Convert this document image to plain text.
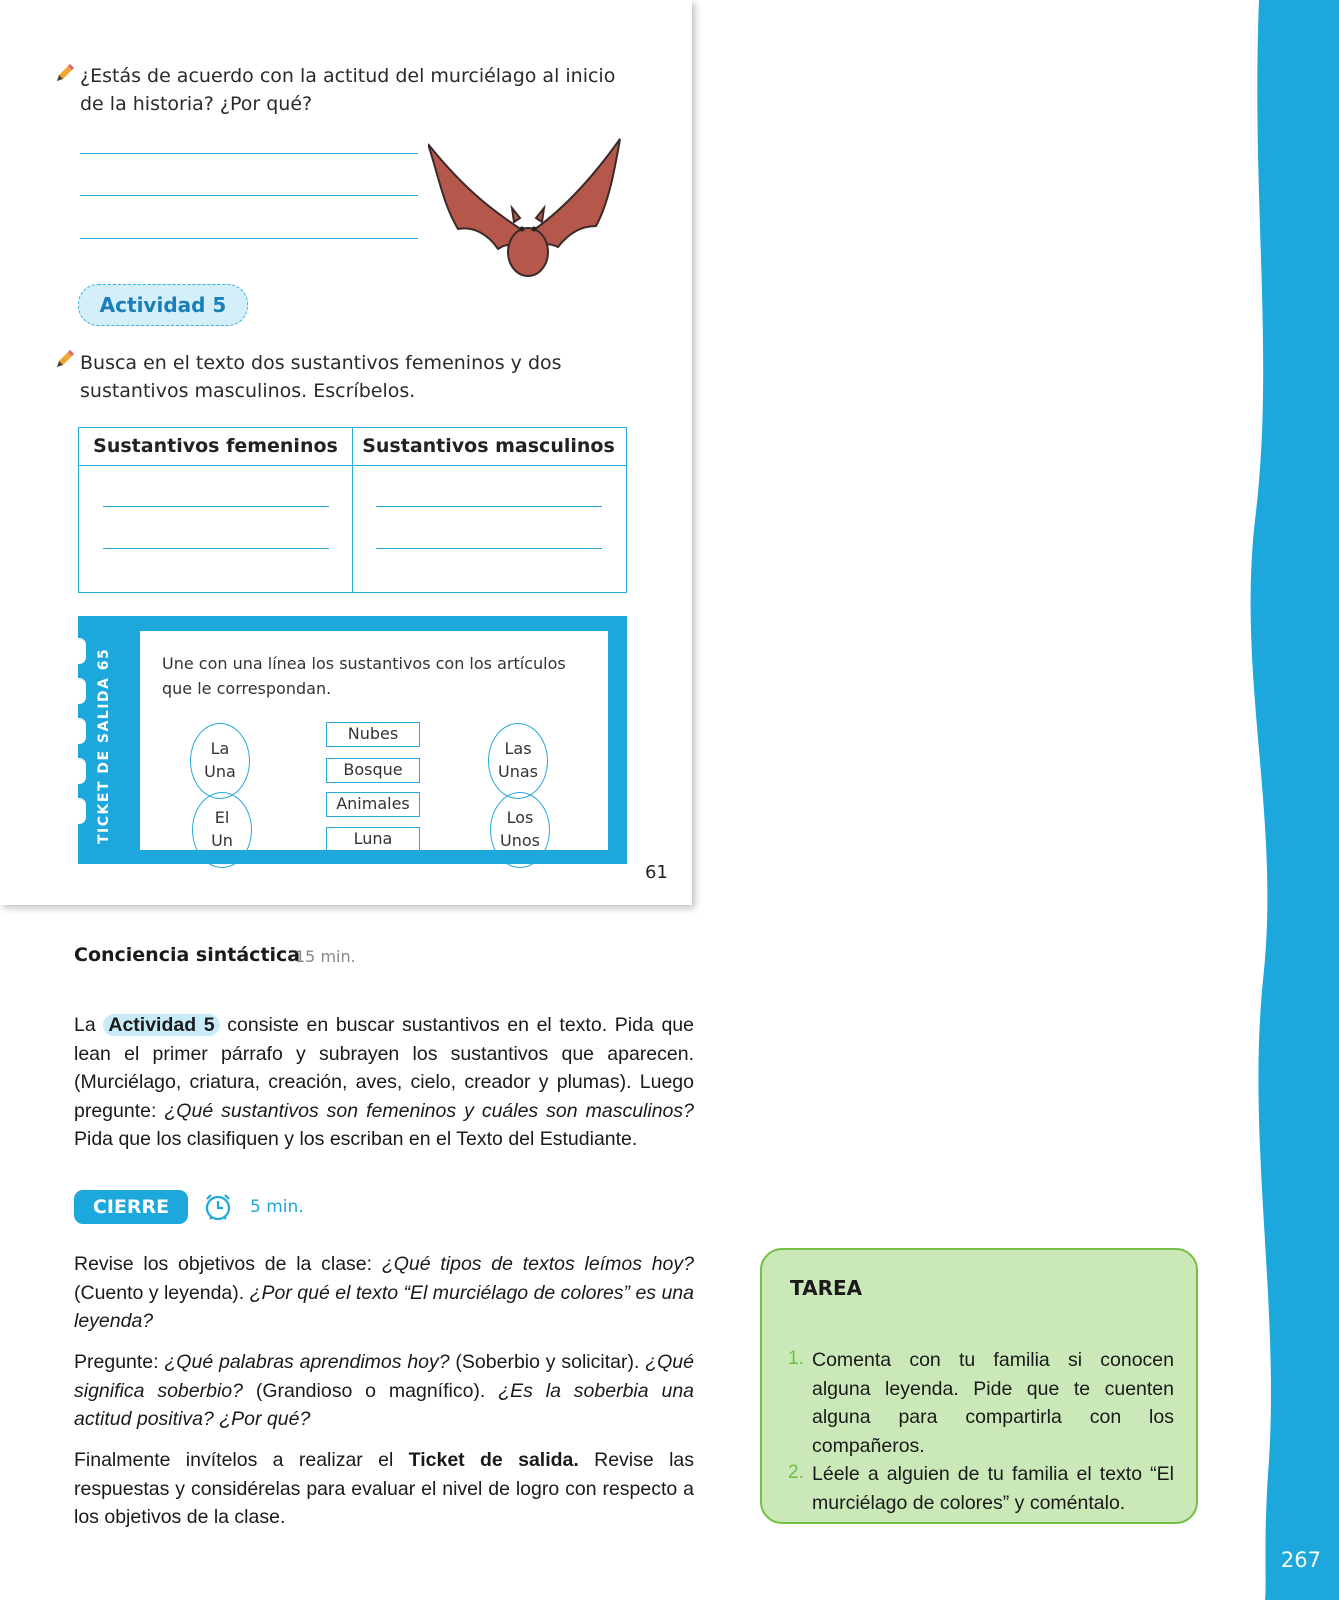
267
¿Estás de acuerdo con la actitud del murciélago al inicio de la historia? ¿Por qué?
Actividad 5
Busca en el texto dos sustantivos femeninos y dos sustantivos masculinos. Escríbelos.
Sustantivos femeninos	Sustantivos masculinos
TICKET DE SALIDA 65	Une con una línea los sustantivos con los artículos que le correspondan.
La
Una
El
Un
Las
Unas
Los
Unos
Nubes
Bosque
Animales
Luna
ESCRITURA OA 20
61
Conciencia sintáctica
15 min.
La Actividad 5 consiste en buscar sustantivos en el texto. Pida que lean el primer párrafo y subrayen los sustantivos que aparecen. (Murciélago, criatura, creación, aves, cielo, creador y plumas). Luego pregunte: ¿Qué sustantivos son femeninos y cuáles son masculinos? Pida que los clasifiquen y los escriban en el Texto del Estudiante.
CIERRE	5 min.
Revise los objetivos de la clase: ¿Qué tipos de textos leímos hoy? (Cuento y leyenda). ¿Por qué el texto “El murciélago de colores” es una leyenda?
Pregunte: ¿Qué palabras aprendimos hoy? (Soberbio y solicitar). ¿Qué significa soberbio? (Grandioso o magnífico). ¿Es la soberbia una actitud positiva? ¿Por qué?
Finalmente invítelos a realizar el Ticket de salida. Revise las respuestas y considérelas para evaluar el nivel de logro con respecto a los objetivos de la clase.
TAREA
1. Comenta con tu familia si conocen alguna leyenda. Pide que te cuenten alguna para compartirla con los compañeros.
2. Léele a alguien de tu familia el texto “El murciélago de colores” y coméntalo.
